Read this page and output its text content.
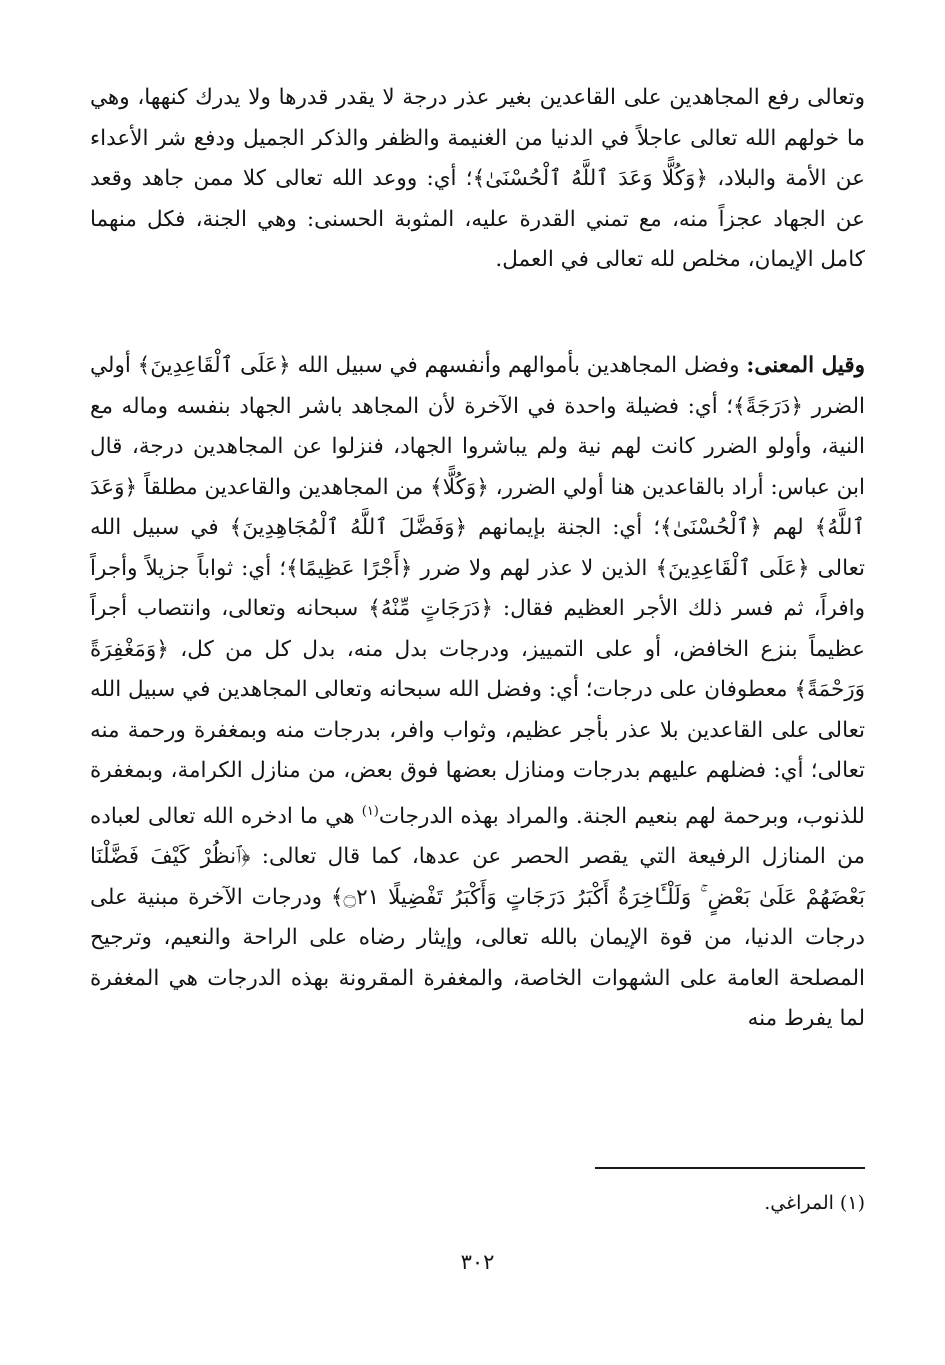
وتعالى رفع المجاهدين على القاعدين بغير عذر درجة لا يقدر قدرها ولا يدرك كنهها، وهي ما خولهم الله تعالى عاجلاً في الدنيا من الغنيمة والظفر والذكر الجميل ودفع شر الأعداء عن الأمة والبلاد، ﴿وَكُلًّا وَعَدَ ٱللَّهُ ٱلْحُسْنَىٰ﴾؛ أي: ووعد الله تعالى كلا ممن جاهد وقعد عن الجهاد عجزاً منه، مع تمني القدرة عليه، المثوبة الحسنى: وهي الجنة، فكل منهما كامل الإيمان، مخلص لله تعالى في العمل.

وقيل المعنى: وفضل المجاهدين بأموالهم وأنفسهم في سبيل الله ﴿عَلَى ٱلْقَاعِدِينَ﴾ أولي الضرر ﴿دَرَجَةً﴾؛ أي: فضيلة واحدة في الآخرة لأن المجاهد باشر الجهاد بنفسه وماله مع النية، وأولو الضرر كانت لهم نية ولم يباشروا الجهاد، فنزلوا عن المجاهدين درجة، قال ابن عباس: أراد بالقاعدين هنا أولي الضرر، ﴿وَكُلًّا﴾ من المجاهدين والقاعدين مطلقاً ﴿وَعَدَ ٱللَّهُ﴾ لهم ﴿ٱلْحُسْنَىٰ﴾؛ أي: الجنة بإيمانهم ﴿وَفَضَّلَ ٱللَّهُ ٱلْمُجَاهِدِينَ﴾ في سبيل الله تعالى ﴿عَلَى ٱلْقَاعِدِينَ﴾ الذين لا عذر لهم ولا ضرر ﴿أَجْرًا عَظِيمًا﴾؛ أي: ثواباً جزيلاً وأجراً وافراً، ثم فسر ذلك الأجر العظيم فقال: ﴿دَرَجَاتٍ مِّنْهُ﴾ سبحانه وتعالى، وانتصاب أجراً عظيماً بنزع الخافض، أو على التمييز، ودرجات بدل منه، بدل كل من كل، ﴿وَمَغْفِرَةً وَرَحْمَةً﴾ معطوفان على درجات؛ أي: وفضل الله سبحانه وتعالى المجاهدين في سبيل الله تعالى على القاعدين بلا عذر بأجر عظيم، وثواب وافر، بدرجات منه وبمغفرة ورحمة منه تعالى؛ أي: فضلهم عليهم بدرجات ومنازل بعضها فوق بعض، من منازل الكرامة، وبمغفرة للذنوب، وبرحمة لهم بنعيم الجنة. والمراد بهذه الدرجات$^{(١)}$ هي ما ادخره الله تعالى لعباده من المنازل الرفيعة التي يقصر الحصر عن عدها، كما قال تعالى: ﴿ٱنظُرْ كَيْفَ فَضَّلْنَا بَعْضَهُمْ عَلَىٰ بَعْضٍ ۚ وَلَلْـَٔاخِرَةُ أَكْبَرُ دَرَجَاتٍ وَأَكْبَرُ تَفْضِيلًا ۝٢١﴾ ودرجات الآخرة مبنية على درجات الدنيا، من قوة الإيمان بالله تعالى، وإيثار رضاه على الراحة والنعيم، وترجيح المصلحة العامة على الشهوات الخاصة، والمغفرة المقرونة بهذه الدرجات هي المغفرة لما يفرط منه

(١) المراغي.
٣٠٢
